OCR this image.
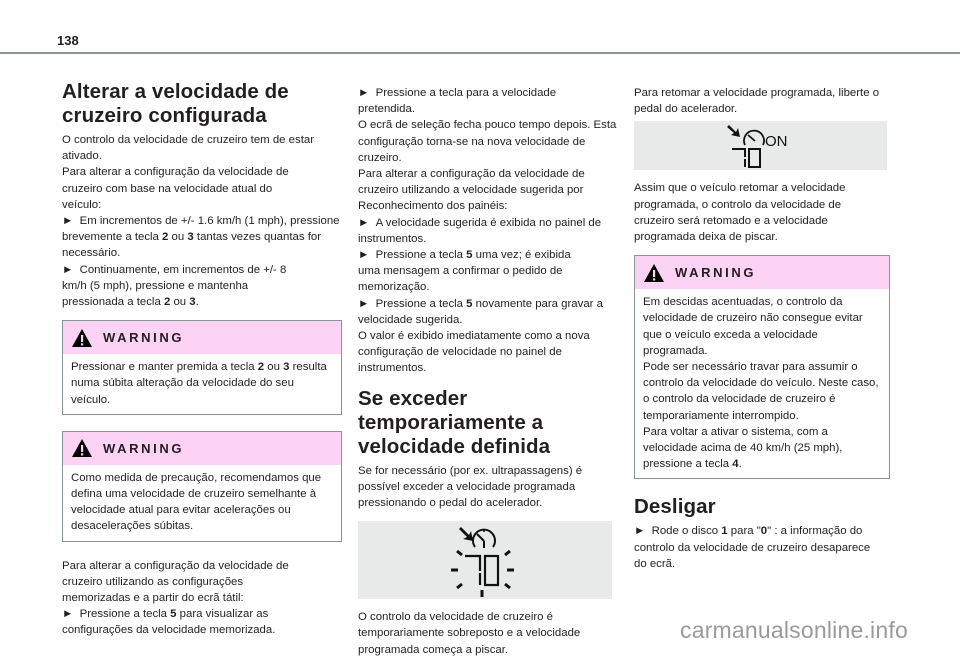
138
Alterar a velocidade de cruzeiro configurada

O controlo da velocidade de cruzeiro tem de estar ativado.

Para alterar a configuração da velocidade de cruzeiro com base na velocidade atual do veículo:

► Em incrementos de +/- 1.6 km/h (1 mph), pressione brevemente a tecla 2 ou 3 tantas vezes quantas for necessário.

► Continuamente, em incrementos de +/- 8 km/h (5 mph), pressione e mantenha pressionada a tecla 2 ou 3.

WARNING

Pressionar e manter premida a tecla 2 ou 3 resulta numa súbita alteração da velocidade do seu veículo.

WARNING

Como medida de precaução, recomendamos que defina uma velocidade de cruzeiro semelhante à velocidade atual para evitar acelerações ou desacelerações súbitas.

Para alterar a configuração da velocidade de cruzeiro utilizando as configurações memorizadas e a partir do ecrã tátil:

► Pressione a tecla 5 para visualizar as configurações da velocidade memorizada.

► Pressione a tecla para a velocidade pretendida.

O ecrã de seleção fecha pouco tempo depois. Esta configuração torna-se na nova velocidade de cruzeiro.

Para alterar a configuração da velocidade de cruzeiro utilizando a velocidade sugerida por Reconhecimento dos painéis:

► A velocidade sugerida é exibida no painel de instrumentos.

► Pressione a tecla 5 uma vez; é exibida uma mensagem a confirmar o pedido de memorização.

► Pressione a tecla 5 novamente para gravar a velocidade sugerida.

O valor é exibido imediatamente como a nova configuração de velocidade no painel de instrumentos.

Se exceder temporariamente a velocidade definida

Se for necessário (por ex. ultrapassagens) é possível exceder a velocidade programada pressionando o pedal do acelerador.

O controlo da velocidade de cruzeiro é temporariamente sobreposto e a velocidade programada começa a piscar.

Para retomar a velocidade programada, liberte o pedal do acelerador.

ON

Assim que o veículo retomar a velocidade programada, o controlo da velocidade de cruzeiro será retomado e a velocidade programada deixa de piscar.

WARNING

Em descidas acentuadas, o controlo da velocidade de cruzeiro não consegue evitar que o veículo exceda a velocidade programada.

Pode ser necessário travar para assumir o controlo da velocidade do veículo. Neste caso, o controlo da velocidade de cruzeiro é temporariamente interrompido.

Para voltar a ativar o sistema, com a velocidade acima de 40 km/h (25 mph), pressione a tecla 4.

Desligar

► Rode o disco 1 para "0" : a informação do controlo da velocidade de cruzeiro desaparece do ecrã.

carmanualsonline.info
